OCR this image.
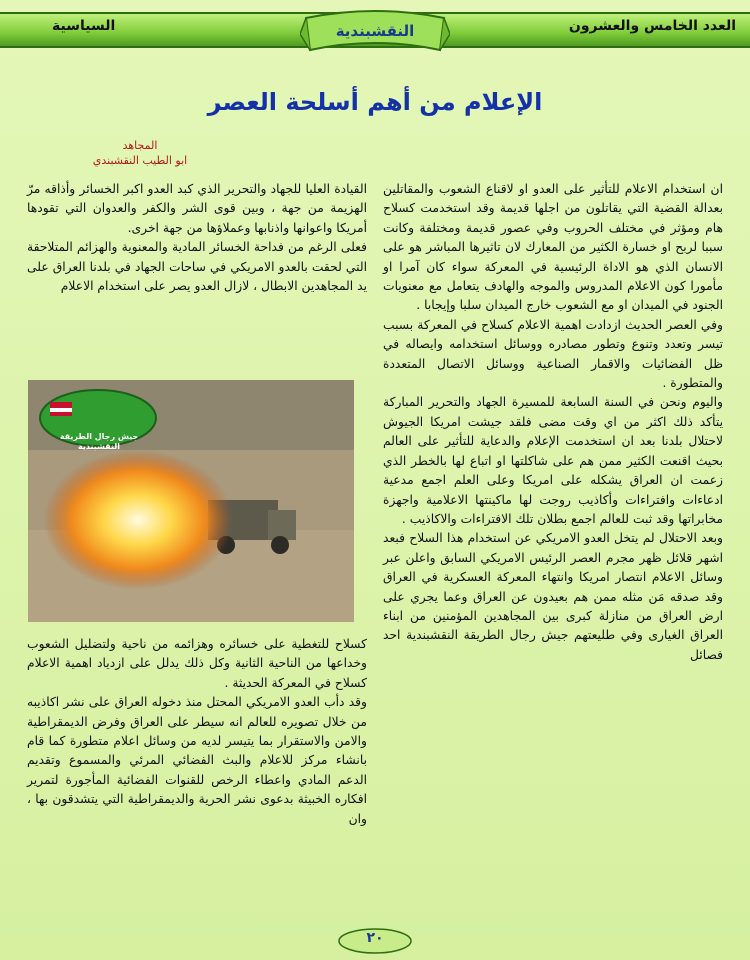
العدد الخامس والعشرون
السياسية	النقشبندية
الإعلام من أهم أسلحة العصر
المجاهد
ابو الطيب النقشبندي

ان استخدام الاعلام للتأثير على العدو او لاقناع الشعوب والمقاتلين بعدالة القضية التي يقاتلون من اجلها قديمة وقد استخدمت كسلاح هام ومؤثر في مختلف الحروب وفي عصور قديمة ومختلفة وكانت سببا لربح او خسارة الكثير من المعارك لان تاثيرها المباشر هو على الانسان الذي هو الاداة الرئيسية في المعركة سواء كان آمرا او مأمورا كون الاعلام المدروس والموجه والهادف يتعامل مع معنويات الجنود في الميدان او مع الشعوب خارج الميدان سلبا وإيجابا .

وفي العصر الحديث ازدادت اهمية الاعلام كسلاح في المعركة بسبب تيسر وتعدد وتنوع وتطور مصادره ووسائل استخدامه وايصاله في ظل الفضائيات والاقمار الصناعية ووسائل الاتصال المتعددة والمتطورة .

واليوم ونحن في السنة السابعة للمسيرة الجهاد والتحرير المباركة يتأكد ذلك اكثر من اي وقت مضى فلقد جيشت امريكا الجيوش لاحتلال بلدنا بعد ان استخدمت الإعلام والدعاية للتأثير على العالم بحيث اقنعت الكثير ممن هم على شاكلتها او اتباع لها بالخطر الذي زعمت ان العراق يشكله على امريكا وعلى العلم اجمع مدعية ادعاءات وافتراءات وأكاذيب روجت لها ماكينتها الاعلامية واجهزة مخابراتها وقد ثبت للعالم اجمع بطلان تلك الافتراءات والاكاذيب .

وبعد الاحتلال لم يتخل العدو الامريكي عن استخدام هذا السلاح فبعد اشهر قلائل ظهر مجرم العصر الرئيس الامريكي السابق واعلن عبر وسائل الاعلام انتصار امريكا وانتهاء المعركة العسكرية في العراق وقد صدقه مَن مثله ممن هم بعيدون عن العراق وعما يجري على ارض العراق من منازلة كبرى بين المجاهدين المؤمنين من ابناء العراق الغيارى وفي طليعتهم جيش رجال الطريقة النقشبندية احد فصائل

القيادة العليا للجهاد والتحرير الذي كبد العدو اكبر الخسائر وأذاقه مرّ الهزيمة من جهة ، وبين قوى الشر والكفر والعدوان التي تقودها أمريكا واعوانها واذنابها وعملاؤها من جهة اخرى.

فعلى الرغم من فداحة الخسائر المادية والمعنوية والهزائم المتلاحقة التي لحقت بالعدو الامريكي في ساحات الجهاد في بلدنا العراق على يد المجاهدين الابطال ، لازال العدو يصر على استخدام الاعلام

جيش رجال الطريقة النقشبندية

كسلاح للتغطية على خسائره وهزائمه من ناحية ولتضليل الشعوب وخداعها من الناحية الثانية وكل ذلك يدلل على ازدياد اهمية الاعلام كسلاح في المعركة الحديثة .

وقد دأب العدو الامريكي المحتل منذ دخوله العراق على نشر اكاذيبه من خلال تصويره للعالم انه سيطر على العراق وفرض الديمقراطية والامن والاستقرار بما يتيسر لديه من وسائل اعلام متطورة كما قام بانشاء مركز للاعلام والبث الفضائي المرئي والمسموع وتقديم الدعم المادي واعطاء الرخص للقنوات الفضائية المأجورة لتمرير افكاره الخبيثة بدعوى نشر الحرية والديمقراطية التي يتشدقون بها ، وان

٢٠
